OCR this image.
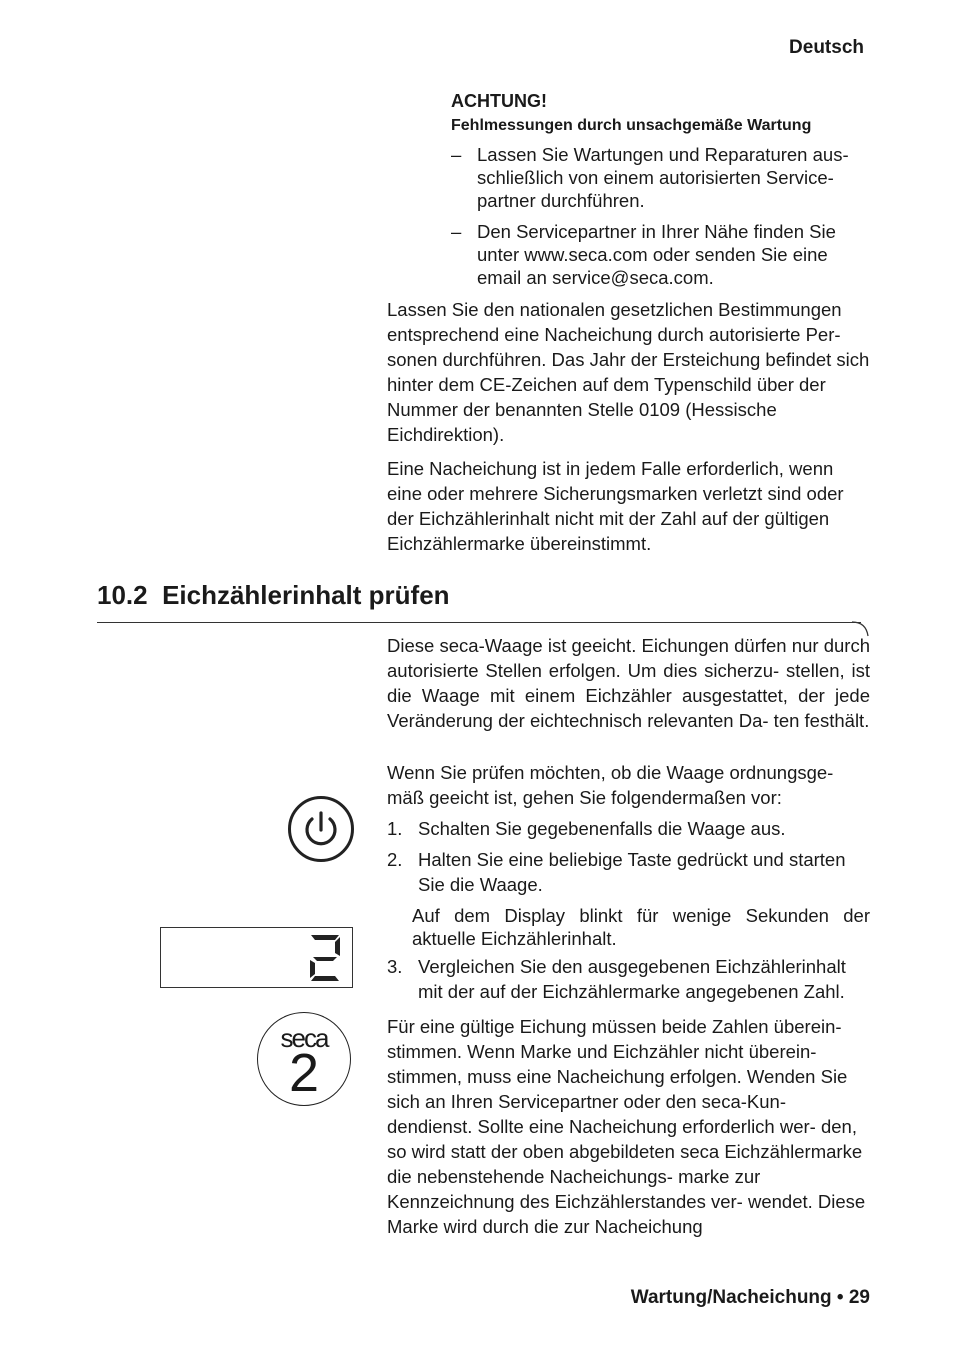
Deutsch
ACHTUNG!
Fehlmessungen durch unsachgemäße Wartung
– Lassen Sie Wartungen und Reparaturen aus- schließlich von einem autorisierten Service- partner durchführen.
– Den Servicepartner in Ihrer Nähe finden Sie unter www.seca.com oder senden Sie eine email an service@seca.com.
Lassen Sie den nationalen gesetzlichen Bestimmungen entsprechend eine Nacheichung durch autorisierte Per- sonen durchführen. Das Jahr der Ersteichung befindet sich hinter dem CE-Zeichen auf dem Typenschild über der Nummer der benannten Stelle 0109 (Hessische Eichdirektion).
Eine Nacheichung ist in jedem Falle erforderlich, wenn eine oder mehrere Sicherungsmarken verletzt sind oder der Eichzählerinhalt nicht mit der Zahl auf der gültigen Eichzählermarke übereinstimmt.
10.2 Eichzählerinhalt prüfen
Diese seca-Waage ist geeicht. Eichungen dürfen nur durch autorisierte Stellen erfolgen. Um dies sicherzu- stellen, ist die Waage mit einem Eichzähler ausgestattet, der jede Veränderung der eichtechnisch relevanten Da- ten festhält.
Wenn Sie prüfen möchten, ob die Waage ordnungsge- mäß geeicht ist, gehen Sie folgendermaßen vor:
1. Schalten Sie gegebenenfalls die Waage aus.
2. Halten Sie eine beliebige Taste gedrückt und starten Sie die Waage.
Auf dem Display blinkt für wenige Sekunden der aktuelle Eichzählerinhalt.
3. Vergleichen Sie den ausgegebenen Eichzählerinhalt mit der auf der Eichzählermarke angegebenen Zahl.
Für eine gültige Eichung müssen beide Zahlen überein- stimmen. Wenn Marke und Eichzähler nicht überein- stimmen, muss eine Nacheichung erfolgen. Wenden Sie sich an Ihren Servicepartner oder den seca-Kun- dendienst. Sollte eine Nacheichung erforderlich wer- den, so wird statt der oben abgebildeten seca Eichzählermarke die nebenstehende Nacheichungs- marke zur Kennzeichnung des Eichzählerstandes ver- wendet. Diese Marke wird durch die zur Nacheichung
seca
2
Wartung/Nacheichung • 29
